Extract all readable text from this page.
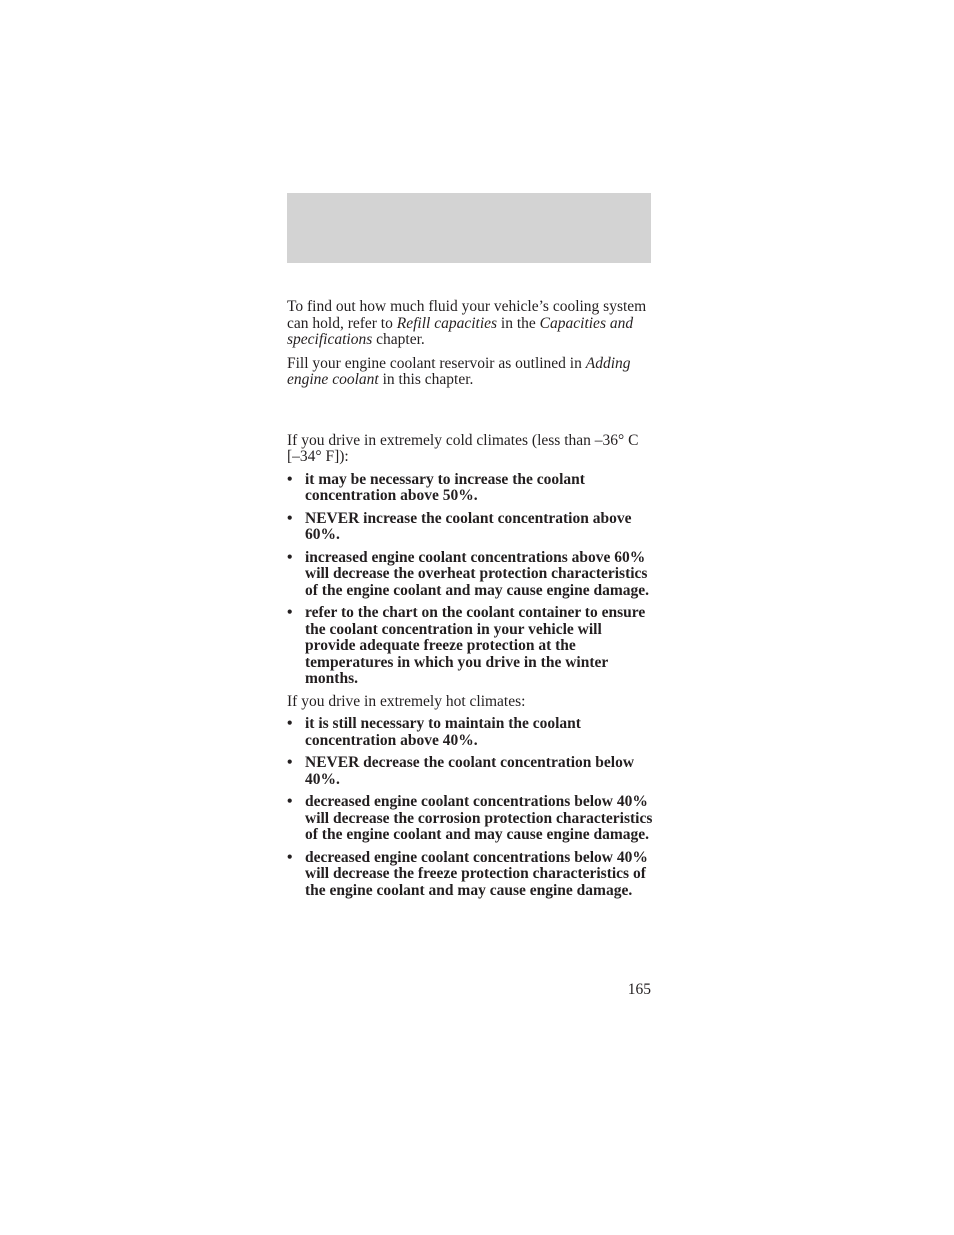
To find out how much fluid your vehicle’s cooling system can hold, refer to Refill capacities in the Capacities and specifications chapter.

Fill your engine coolant reservoir as outlined in Adding engine coolant in this chapter.

If you drive in extremely cold climates (less than –36° C [–34° F]):

• it may be necessary to increase the coolant concentration above 50%.
• NEVER increase the coolant concentration above 60%.
• increased engine coolant concentrations above 60% will decrease the overheat protection characteristics of the engine coolant and may cause engine damage.
• refer to the chart on the coolant container to ensure the coolant concentration in your vehicle will provide adequate freeze protection at the temperatures in which you drive in the winter months.

If you drive in extremely hot climates:

• it is still necessary to maintain the coolant concentration above 40%.
• NEVER decrease the coolant concentration below 40%.
• decreased engine coolant concentrations below 40% will decrease the corrosion protection characteristics of the engine coolant and may cause engine damage.
• decreased engine coolant concentrations below 40% will decrease the freeze protection characteristics of the engine coolant and may cause engine damage.
165
